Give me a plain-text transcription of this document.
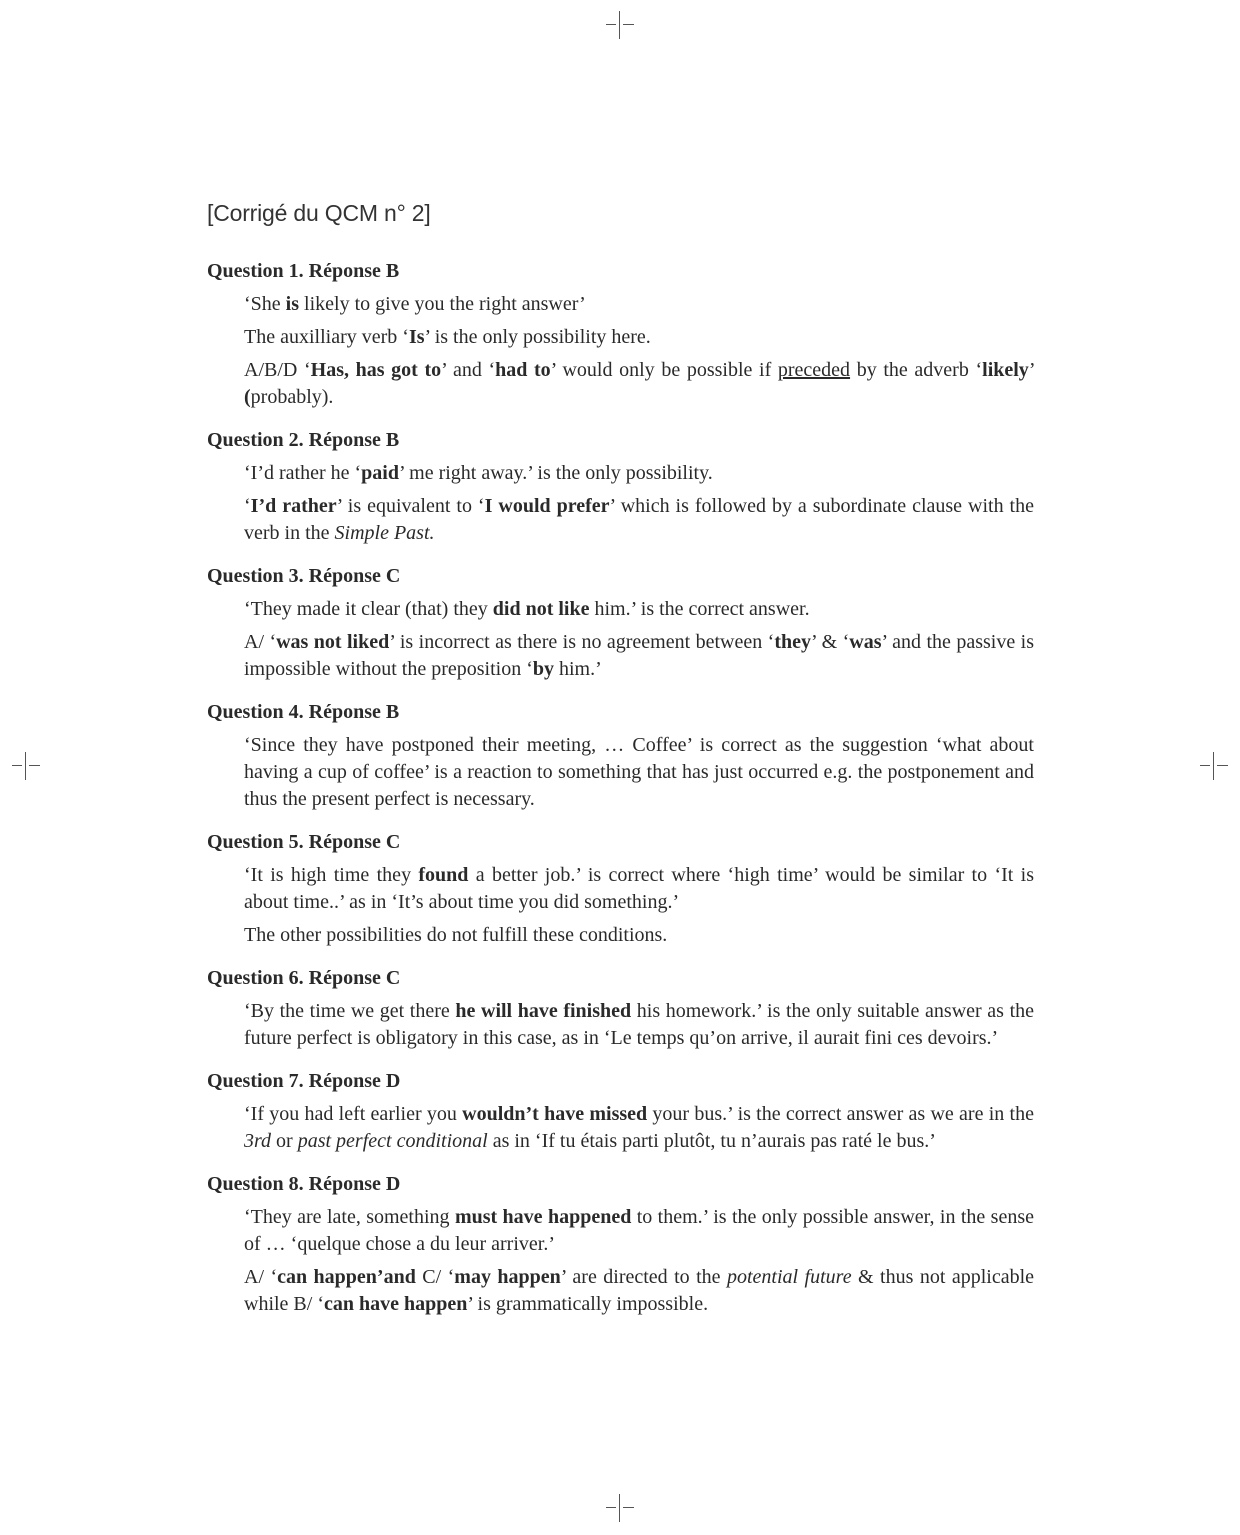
[Corrigé du QCM n° 2]
Question 1. Réponse B
‘She is likely to give you the right answer’
The auxilliary verb ‘Is’ is the only possibility here.
A/B/D ‘Has, has got to’ and ‘had to’ would only be possible if preceded by the adverb ‘likely’ (probably).
Question 2. Réponse B
‘I’d rather he ‘paid’ me right away.’ is the only possibility.
‘I’d rather’ is equivalent to ‘I would prefer’ which is followed by a subordinate clause with the verb in the Simple Past.
Question 3. Réponse C
‘They made it clear (that) they did not like him.’ is the correct answer.
A/ ‘was not liked’ is incorrect as there is no agreement between ‘they’ & ‘was’ and the passive is impossible without the preposition ‘by him.’
Question 4. Réponse B
‘Since they have postponed their meeting, … Coffee’ is correct as the suggestion ‘what about having a cup of coffee’ is a reaction to something that has just occurred e.g. the postponement and thus the present perfect is necessary.
Question 5. Réponse C
‘It is high time they found a better job.’ is correct where ‘high time’ would be similar to ‘It is about time..’ as in ‘It’s about time you did something.’
The other possibilities do not fulfill these conditions.
Question 6. Réponse C
‘By the time we get there he will have finished his homework.’ is the only suitable answer as the future perfect is obligatory in this case, as in ‘Le temps qu’on arrive, il aurait fini ces devoirs.’
Question 7. Réponse D
‘If you had left earlier you wouldn’t have missed your bus.’ is the correct answer as we are in the 3rd or past perfect conditional as in ‘If tu étais parti plutôt, tu n’aurais pas raté le bus.’
Question 8. Réponse D
‘They are late, something must have happened to them.’ is the only possible answer, in the sense of … ‘quelque chose a du leur arriver.’
A/ ‘can happen’and C/ ‘may happen’ are directed to the potential future & thus not applicable while B/ ‘can have happen’ is grammatically impossible.
